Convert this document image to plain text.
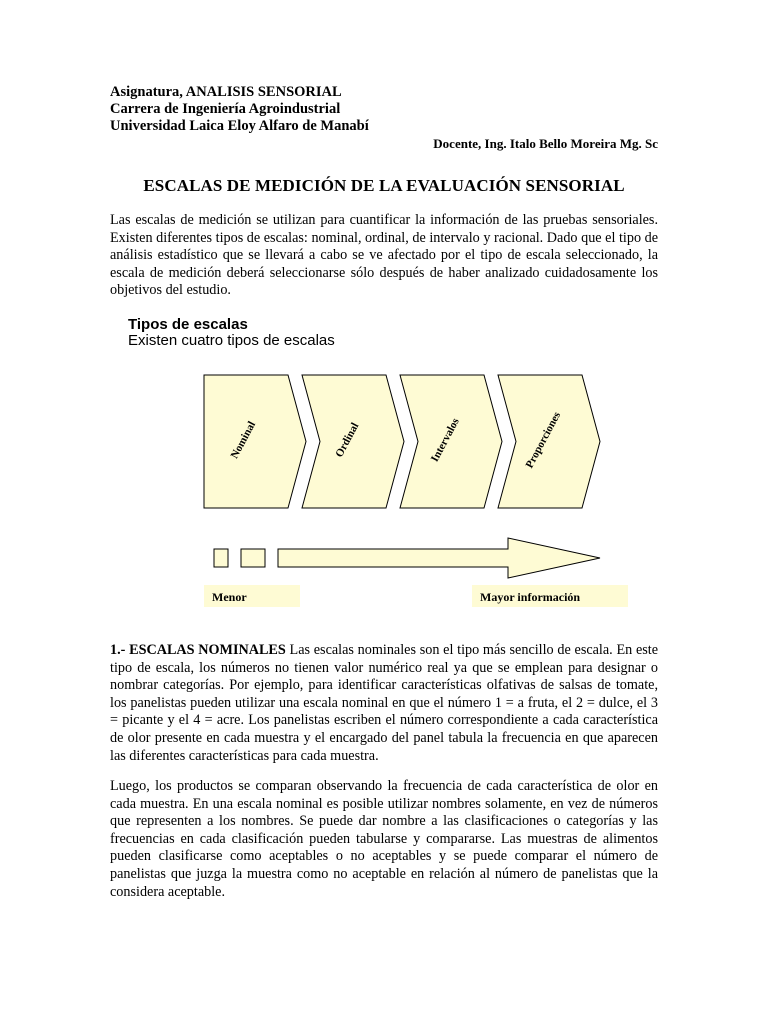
Asignatura, ANALISIS SENSORIAL
Carrera de Ingeniería Agroindustrial
Universidad Laica Eloy Alfaro de Manabí
Docente, Ing. Italo Bello Moreira Mg. Sc
ESCALAS DE MEDICIÓN DE LA EVALUACIÓN SENSORIAL
Las escalas de medición se utilizan para cuantificar la información de las pruebas sensoriales. Existen diferentes tipos de escalas: nominal, ordinal, de intervalo y racional. Dado que el tipo de análisis estadístico que se llevará a cabo se ve afectado por el tipo de escala seleccionado, la escala de medición deberá seleccionarse sólo después de haber analizado cuidadosamente los objetivos del estudio.
Tipos de escalas
Existen cuatro tipos de escalas
Nominal	Ordinal	Intervalos	Proporciones
Menor	Mayor información
1.- ESCALAS NOMINALES Las escalas nominales son el tipo más sencillo de escala. En este tipo de escala, los números no tienen valor numérico real ya que se emplean para designar o nombrar categorías. Por ejemplo, para identificar características olfativas de salsas de tomate, los panelistas pueden utilizar una escala nominal en que el número 1 = a fruta, el 2 = dulce, el 3 = picante y el 4 = acre. Los panelistas escriben el número correspondiente a cada característica de olor presente en cada muestra y el encargado del panel tabula la frecuencia en que aparecen las diferentes características para cada muestra.
Luego, los productos se comparan observando la frecuencia de cada característica de olor en cada muestra. En una escala nominal es posible utilizar nombres solamente, en vez de números que representen a los nombres. Se puede dar nombre a las clasificaciones o categorías y las frecuencias en cada clasificación pueden tabularse y compararse. Las muestras de alimentos pueden clasificarse como aceptables o no aceptables y se puede comparar el número de panelistas que juzga la muestra como no aceptable en relación al número de panelistas que la considera aceptable.
